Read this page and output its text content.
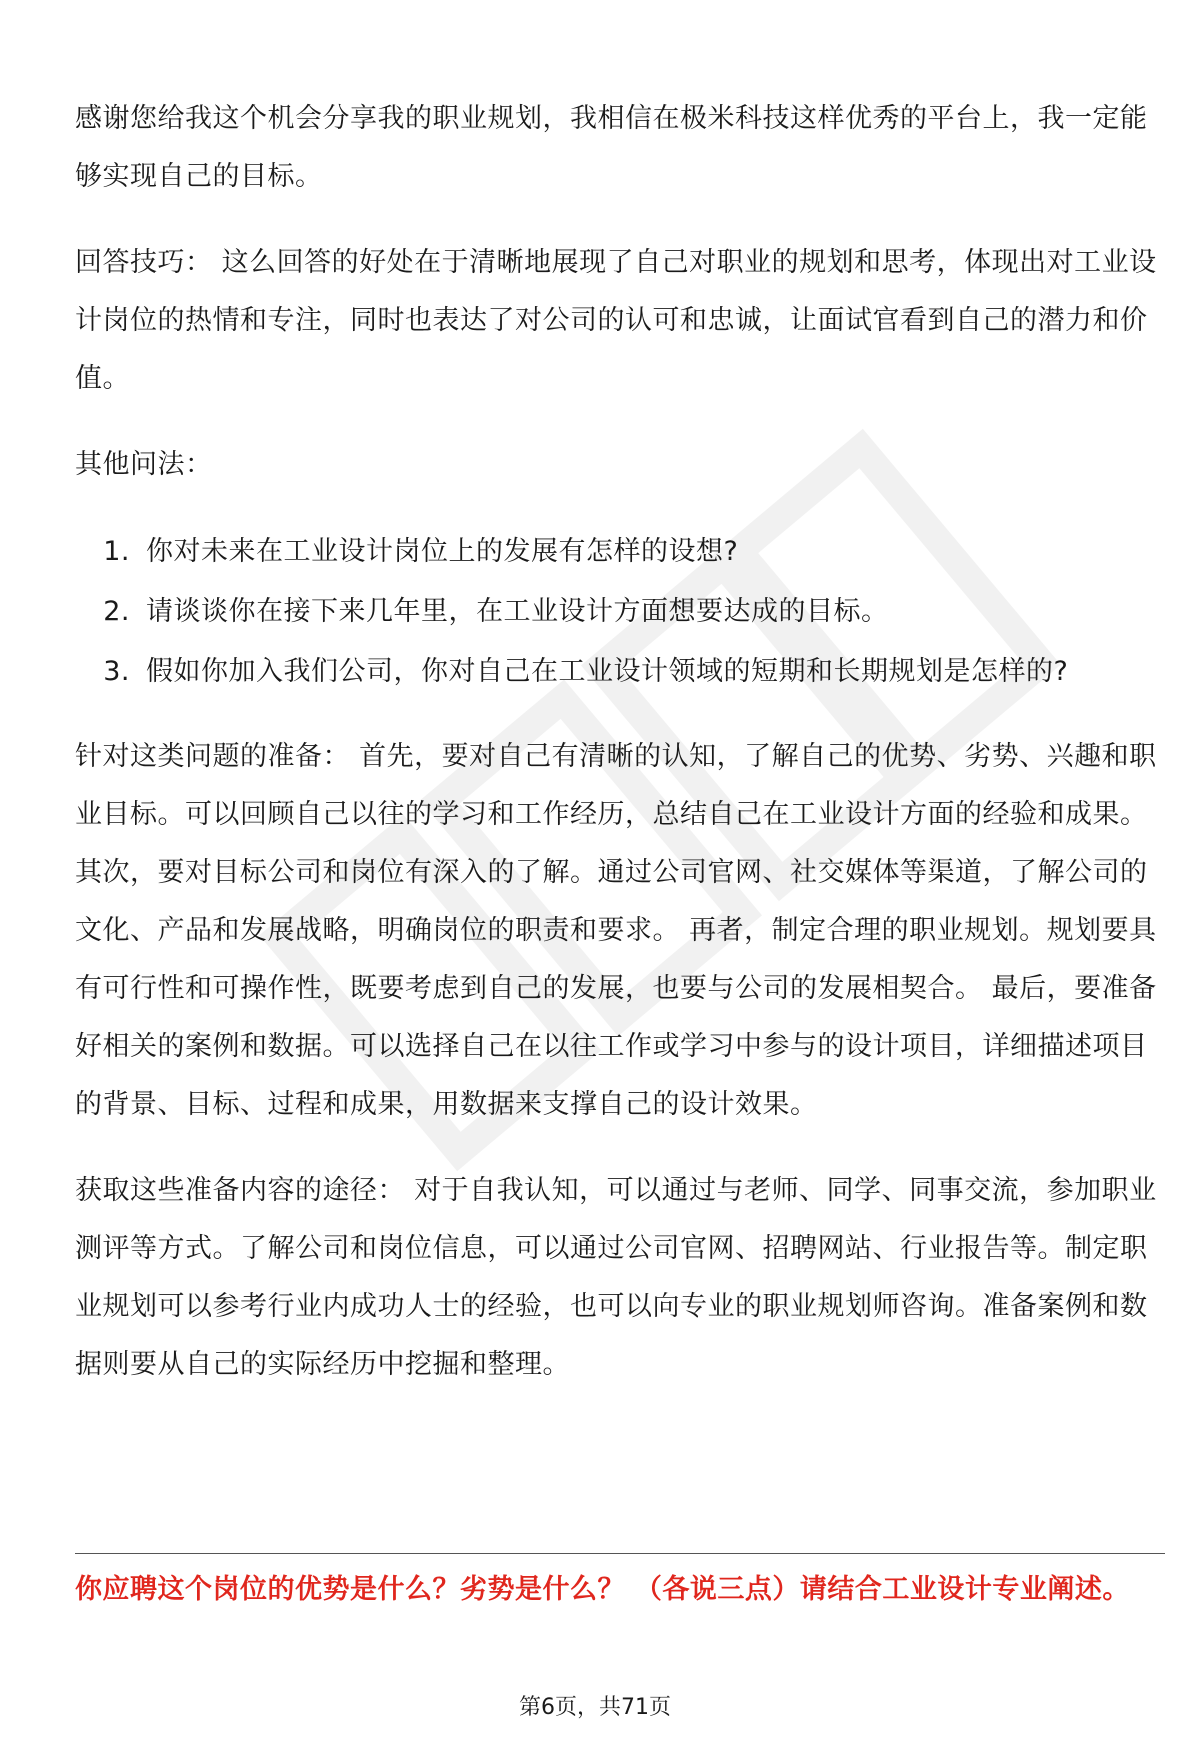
感谢您给我这个机会分享我的职业规划，我相信在极米科技这样优秀的平台上，我一定能够实现自己的目标。

回答技巧： 这么回答的好处在于清晰地展现了自己对职业的规划和思考，体现出对工业设计岗位的热情和专注，同时也表达了对公司的认可和忠诚，让面试官看到自己的潜力和价值。

其他问法：

1. 你对未来在工业设计岗位上的发展有怎样的设想?
2. 请谈谈你在接下来几年里，在工业设计方面想要达成的目标。
3. 假如你加入我们公司，你对自己在工业设计领域的短期和长期规划是怎样的?

针对这类问题的准备： 首先，要对自己有清晰的认知，了解自己的优势、劣势、兴趣和职业目标。可以回顾自己以往的学习和工作经历，总结自己在工业设计方面的经验和成果。 其次，要对目标公司和岗位有深入的了解。通过公司官网、社交媒体等渠道，了解公司的文化、产品和发展战略，明确岗位的职责和要求。 再者，制定合理的职业规划。规划要具有可行性和可操作性，既要考虑到自己的发展，也要与公司的发展相契合。 最后，要准备好相关的案例和数据。可以选择自己在以往工作或学习中参与的设计项目，详细描述项目的背景、目标、过程和成果，用数据来支撑自己的设计效果。

获取这些准备内容的途径： 对于自我认知，可以通过与老师、同学、同事交流，参加职业测评等方式。了解公司和岗位信息，可以通过公司官网、招聘网站、行业报告等。制定职业规划可以参考行业内成功人士的经验，也可以向专业的职业规划师咨询。准备案例和数据则要从自己的实际经历中挖掘和整理。

你应聘这个岗位的优势是什么？劣势是什么？ （各说三点）请结合工业设计专业阐述。
第6页，共71页
